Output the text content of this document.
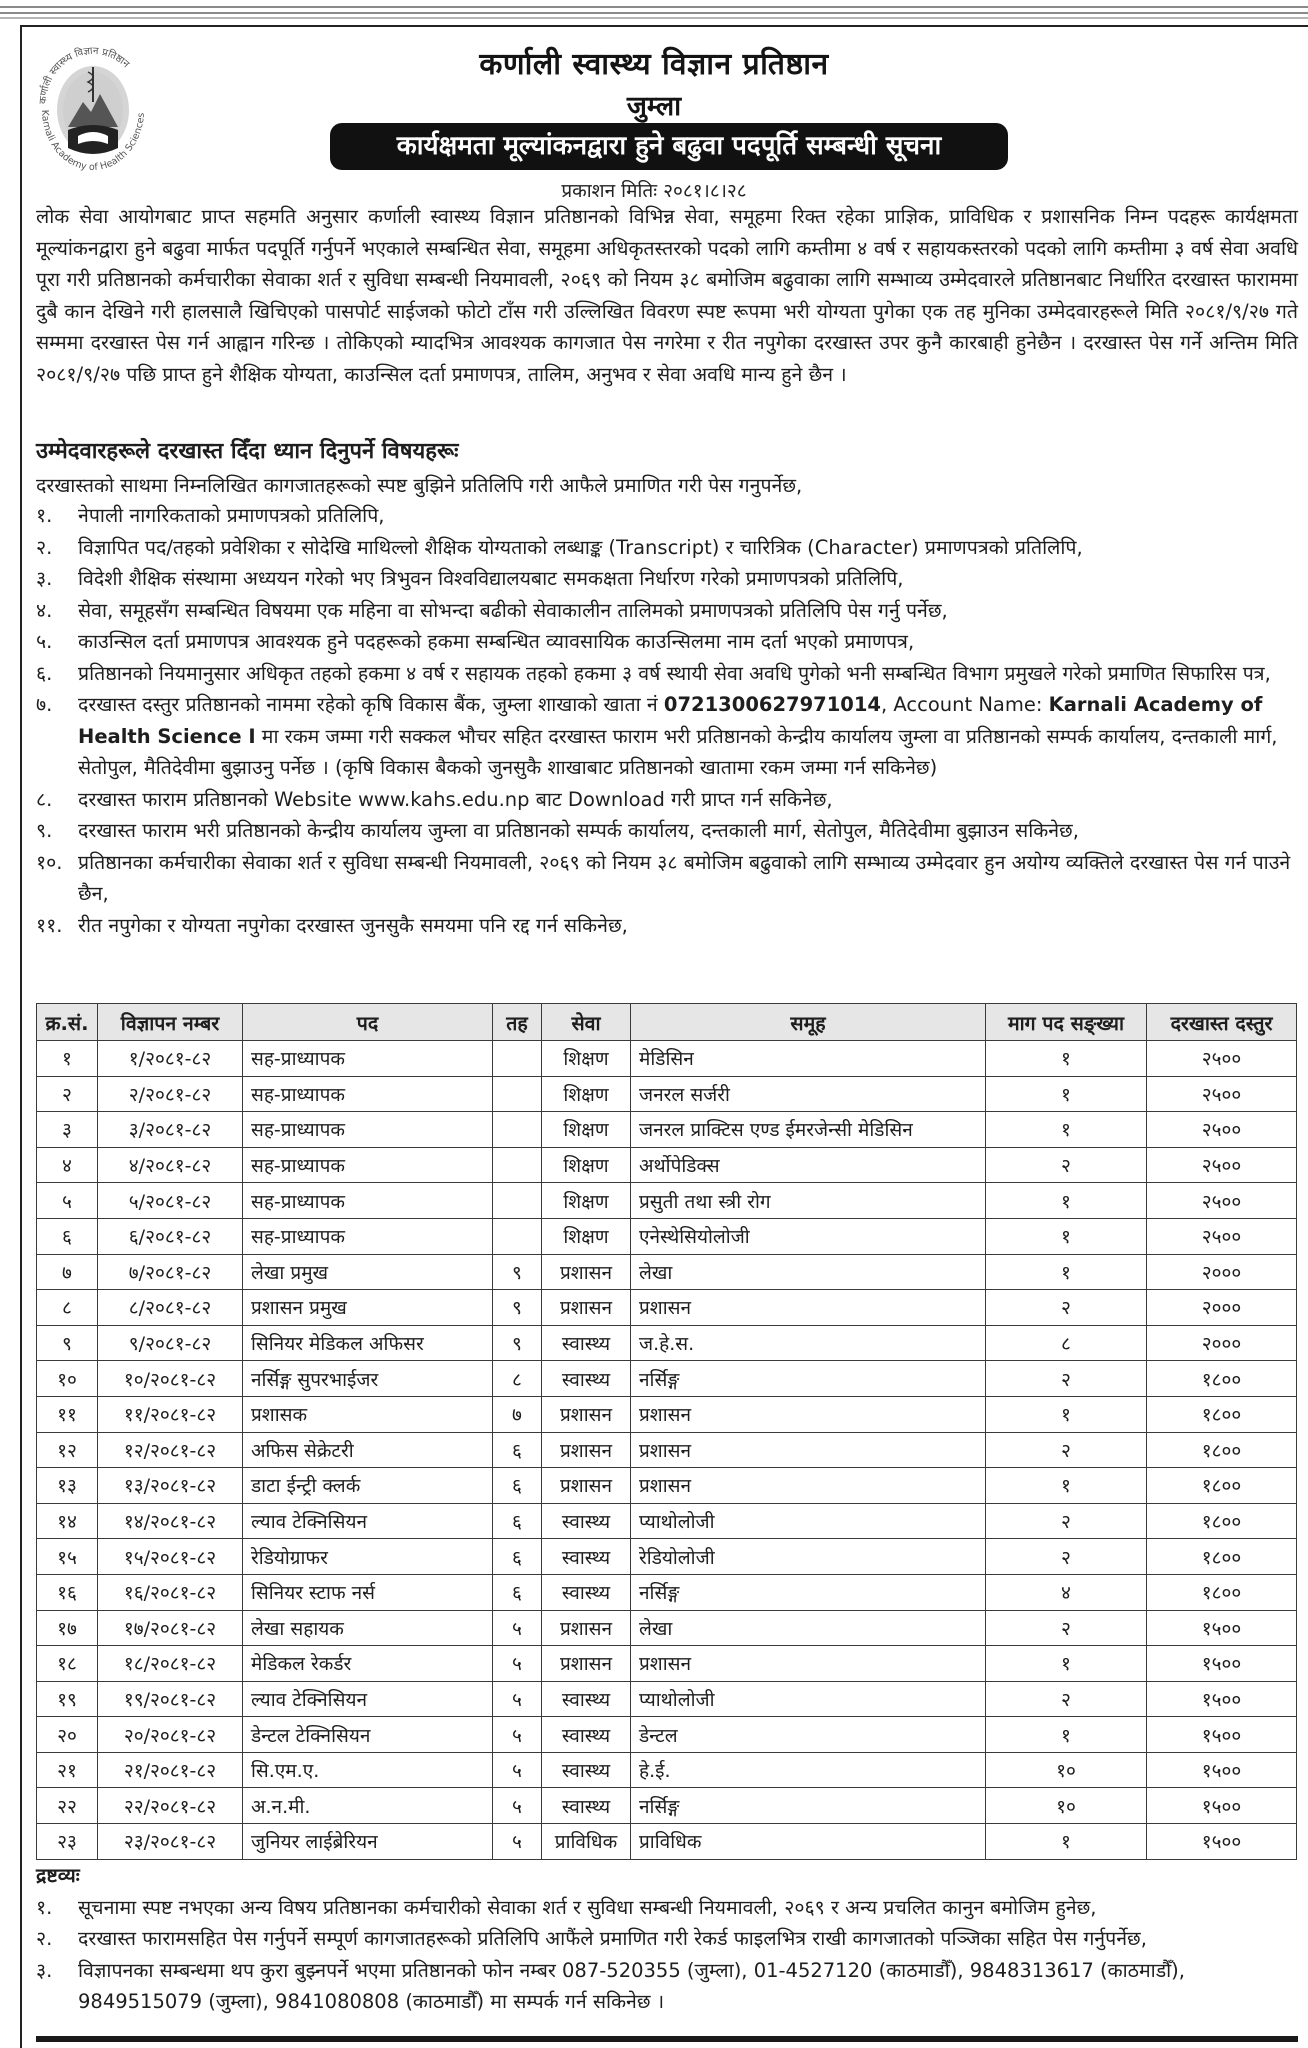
कर्णाली स्वास्थ्य विज्ञान प्रतिष्ठान
Karnali Academy of Health Sciences
कर्णाली स्वास्थ्य विज्ञान प्रतिष्ठान
जुम्ला
कार्यक्षमता मूल्यांकनद्वारा हुने बढुवा पदपूर्ति सम्बन्धी सूचना
प्रकाशन मितिः २०८१।८।२८
लोक सेवा आयोगबाट प्राप्त सहमति अनुसार कर्णाली स्वास्थ्य विज्ञान प्रतिष्ठानको विभिन्न सेवा, समूहमा रिक्त रहेका प्राज्ञिक, प्राविधिक र प्रशासनिक निम्न पदहरू कार्यक्षमता मूल्यांकनद्वारा हुने बढुवा मार्फत पदपूर्ति गर्नुपर्ने भएकाले सम्बन्धित सेवा, समूहमा अधिकृतस्तरको पदको लागि कम्तीमा ४ वर्ष र सहायकस्तरको पदको लागि कम्तीमा ३ वर्ष सेवा अवधि पूरा गरी प्रतिष्ठानको कर्मचारीका सेवाका शर्त र सुविधा सम्बन्धी नियमावली, २०६९ को नियम ३८ बमोजिम बढुवाका लागि सम्भाव्य उम्मेदवारले प्रतिष्ठानबाट निर्धारित दरखास्त फाराममा दुबै कान देखिने गरी हालसालै खिचिएको पासपोर्ट साईजको फोटो टाँस गरी उल्लिखित विवरण स्पष्ट रूपमा भरी योग्यता पुगेका एक तह मुनिका उम्मेदवारहरूले मिति २०८१/९/२७ गते सम्ममा दरखास्त पेस गर्न आह्वान गरिन्छ । तोकिएको म्यादभित्र आवश्यक कागजात पेस नगरेमा र रीत नपुगेका दरखास्त उपर कुनै कारबाही हुनेछैन । दरखास्त पेस गर्ने अन्तिम मिति २०८१/९/२७ पछि प्राप्त हुने शैक्षिक योग्यता, काउन्सिल दर्ता प्रमाणपत्र, तालिम, अनुभव र सेवा अवधि मान्य हुने छैन ।
उम्मेदवारहरूले दरखास्त दिँदा ध्यान दिनुपर्ने विषयहरूः
दरखास्तको साथमा निम्नलिखित कागजातहरूको स्पष्ट बुझिने प्रतिलिपि गरी आफैले प्रमाणित गरी पेस गनुपर्नेछ,
१.	नेपाली नागरिकताको प्रमाणपत्रको प्रतिलिपि,
२.	विज्ञापित पद/तहको प्रवेशिका र सोदेखि माथिल्लो शैक्षिक योग्यताको लब्धाङ्क (Transcript) र चारित्रिक (Character) प्रमाणपत्रको प्रतिलिपि,
३.	विदेशी शैक्षिक संस्थामा अध्ययन गरेको भए त्रिभुवन विश्वविद्यालयबाट समकक्षता निर्धारण गरेको प्रमाणपत्रको प्रतिलिपि,
४.	सेवा, समूहसँग सम्बन्धित विषयमा एक महिना वा सोभन्दा बढीको सेवाकालीन तालिमको प्रमाणपत्रको प्रतिलिपि पेस गर्नु पर्नेछ,
५.	काउन्सिल दर्ता प्रमाणपत्र आवश्यक हुने पदहरूको हकमा सम्बन्धित व्यावसायिक काउन्सिलमा नाम दर्ता भएको प्रमाणपत्र,
६.	प्रतिष्ठानको नियमानुसार अधिकृत तहको हकमा ४ वर्ष र सहायक तहको हकमा ३ वर्ष स्थायी सेवा अवधि पुगेको भनी सम्बन्धित विभाग प्रमुखले गरेको प्रमाणित सिफारिस पत्र,
७.	दरखास्त दस्तुर प्रतिष्ठानको नाममा रहेको कृषि विकास बैंक, जुम्ला शाखाको खाता नं 0721300627971014, Account Name: Karnali Academy of Health Science I मा रकम जम्मा गरी सक्कल भौचर सहित दरखास्त फाराम भरी प्रतिष्ठानको केन्द्रीय कार्यालय जुम्ला वा प्रतिष्ठानको सम्पर्क कार्यालय, दन्तकाली मार्ग, सेतोपुल, मैतिदेवीमा बुझाउनु पर्नेछ । (कृषि विकास बैकको जुनसुकै शाखाबाट प्रतिष्ठानको खातामा रकम जम्मा गर्न सकिनेछ)
८.	दरखास्त फाराम प्रतिष्ठानको Website www.kahs.edu.np बाट Download गरी प्राप्त गर्न सकिनेछ,
९.	दरखास्त फाराम भरी प्रतिष्ठानको केन्द्रीय कार्यालय जुम्ला वा प्रतिष्ठानको सम्पर्क कार्यालय, दन्तकाली मार्ग, सेतोपुल, मैतिदेवीमा बुझाउन सकिनेछ,
१०. प्रतिष्ठानका कर्मचारीका सेवाका शर्त र सुविधा सम्बन्धी नियमावली, २०६९ को नियम ३८ बमोजिम बढुवाको लागि सम्भाव्य उम्मेदवार हुन अयोग्य व्यक्तिले दरखास्त पेस गर्न पाउने छैन,
११. रीत नपुगेका र योग्यता नपुगेका दरखास्त जुनसुकै समयमा पनि रद्द गर्न सकिनेछ,
क्र.सं.	विज्ञापन नम्बर	पद	तह	सेवा	समूह	माग पद सङ्ख्या	दरखास्त दस्तुर
१	१/२०८१-८२	सह-प्राध्यापक		शिक्षण	मेडिसिन	१	२५००
२	२/२०८१-८२	सह-प्राध्यापक		शिक्षण	जनरल सर्जरी	१	२५००
३	३/२०८१-८२	सह-प्राध्यापक		शिक्षण	जनरल प्राक्टिस एण्ड ईमरजेन्सी मेडिसिन	१	२५००
४	४/२०८१-८२	सह-प्राध्यापक		शिक्षण	अर्थोपेडिक्स	२	२५००
५	५/२०८१-८२	सह-प्राध्यापक		शिक्षण	प्रसुती तथा स्त्री रोग	१	२५००
६	६/२०८१-८२	सह-प्राध्यापक		शिक्षण	एनेस्थेसियोलोजी	१	२५००
७	७/२०८१-८२	लेखा प्रमुख	९	प्रशासन	लेखा	१	२०००
८	८/२०८१-८२	प्रशासन प्रमुख	९	प्रशासन	प्रशासन	२	२०००
९	९/२०८१-८२	सिनियर मेडिकल अफिसर	९	स्वास्थ्य	ज.हे.स.	८	२०००
१०	१०/२०८१-८२	नर्सिङ्ग सुपरभाईजर	८	स्वास्थ्य	नर्सिङ्ग	२	१८००
११	११/२०८१-८२	प्रशासक	७	प्रशासन	प्रशासन	१	१८००
१२	१२/२०८१-८२	अफिस सेक्रेटरी	६	प्रशासन	प्रशासन	२	१८००
१३	१३/२०८१-८२	डाटा ईन्ट्री क्लर्क	६	प्रशासन	प्रशासन	१	१८००
१४	१४/२०८१-८२	ल्याव टेक्निसियन	६	स्वास्थ्य	प्याथोलोजी	२	१८००
१५	१५/२०८१-८२	रेडियोग्राफर	६	स्वास्थ्य	रेडियोलोजी	२	१८००
१६	१६/२०८१-८२	सिनियर स्टाफ नर्स	६	स्वास्थ्य	नर्सिङ्ग	४	१८००
१७	१७/२०८१-८२	लेखा सहायक	५	प्रशासन	लेखा	२	१५००
१८	१८/२०८१-८२	मेडिकल रेकर्डर	५	प्रशासन	प्रशासन	१	१५००
१९	१९/२०८१-८२	ल्याव टेक्निसियन	५	स्वास्थ्य	प्याथोलोजी	२	१५००
२०	२०/२०८१-८२	डेन्टल टेक्निसियन	५	स्वास्थ्य	डेन्टल	१	१५००
२१	२१/२०८१-८२	सि.एम.ए.	५	स्वास्थ्य	हे.ई.	१०	१५००
२२	२२/२०८१-८२	अ.न.मी.	५	स्वास्थ्य	नर्सिङ्ग	१०	१५००
२३	२३/२०८१-८२	जुनियर लाईब्रेरियन	५	प्राविधिक	प्राविधिक	१	१५००
द्रष्टव्यः
१.	सूचनामा स्पष्ट नभएका अन्य विषय प्रतिष्ठानका कर्मचारीको सेवाका शर्त र सुविधा सम्बन्धी नियमावली, २०६९ र अन्य प्रचलित कानुन बमोजिम हुनेछ,
२.	दरखास्त फारामसहित पेस गर्नुपर्ने सम्पूर्ण कागजातहरूको प्रतिलिपि आफैंले प्रमाणित गरी रेकर्ड फाइलभित्र राखी कागजातको पञ्जिका सहित पेस गर्नुपर्नेछ,
३.	विज्ञापनका सम्बन्धमा थप कुरा बुझ्नपर्ने भएमा प्रतिष्ठानको फोन नम्बर 087-520355 (जुम्ला), 01-4527120 (काठमाडौँ), 9848313617 (काठमाडौँ), 9849515079 (जुम्ला), 9841080808 (काठमाडौँ) मा सम्पर्क गर्न सकिनेछ ।
